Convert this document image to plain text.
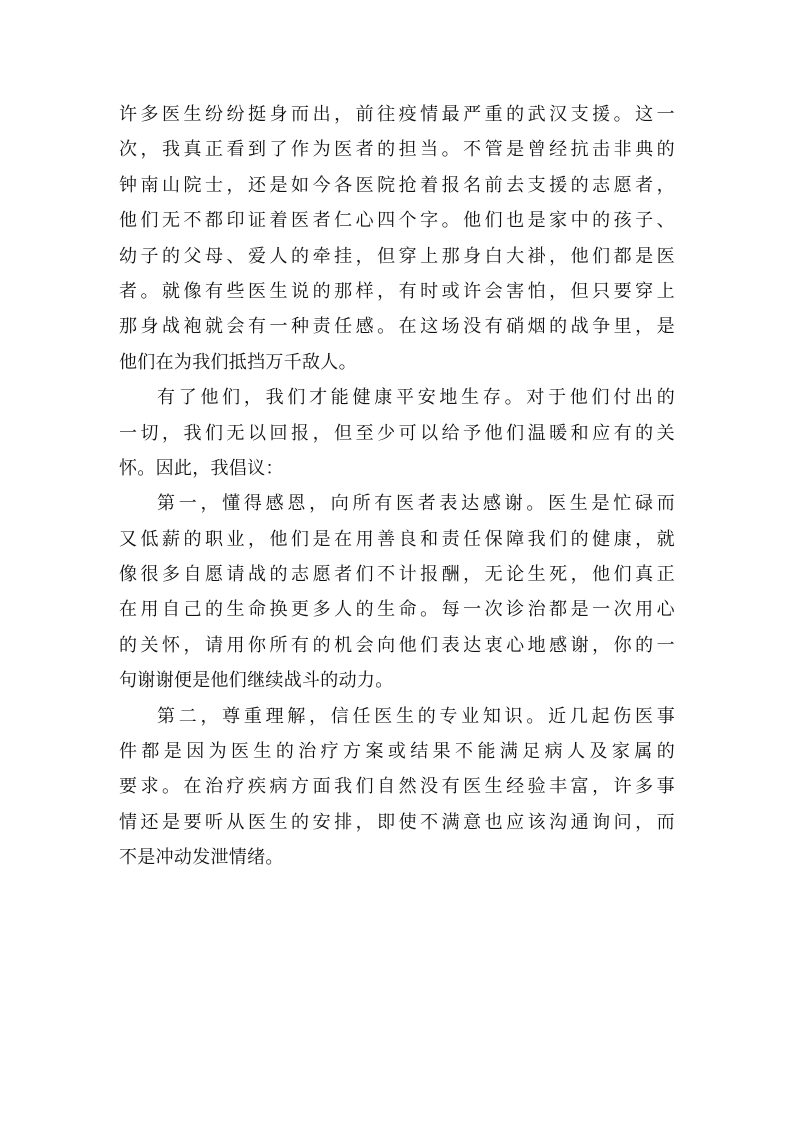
许多医生纷纷挺身而出，前往疫情最严重的武汉支援。这一
次，我真正看到了作为医者的担当。不管是曾经抗击非典的
钟南山院士，还是如今各医院抢着报名前去支援的志愿者，
他们无不都印证着医者仁心四个字。他们也是家中的孩子、
幼子的父母、爱人的牵挂，但穿上那身白大褂，他们都是医
者。就像有些医生说的那样，有时或许会害怕，但只要穿上
那身战袍就会有一种责任感。在这场没有硝烟的战争里，是
他们在为我们抵挡万千敌人。
有了他们，我们才能健康平安地生存。对于他们付出的
一切，我们无以回报，但至少可以给予他们温暖和应有的关
怀。因此，我倡议：
第一，懂得感恩，向所有医者表达感谢。医生是忙碌而
又低薪的职业，他们是在用善良和责任保障我们的健康，就
像很多自愿请战的志愿者们不计报酬，无论生死，他们真正
在用自己的生命换更多人的生命。每一次诊治都是一次用心
的关怀，请用你所有的机会向他们表达衷心地感谢，你的一
句谢谢便是他们继续战斗的动力。
第二，尊重理解，信任医生的专业知识。近几起伤医事
件都是因为医生的治疗方案或结果不能满足病人及家属的
要求。在治疗疾病方面我们自然没有医生经验丰富，许多事
情还是要听从医生的安排，即使不满意也应该沟通询问，而
不是冲动发泄情绪。
